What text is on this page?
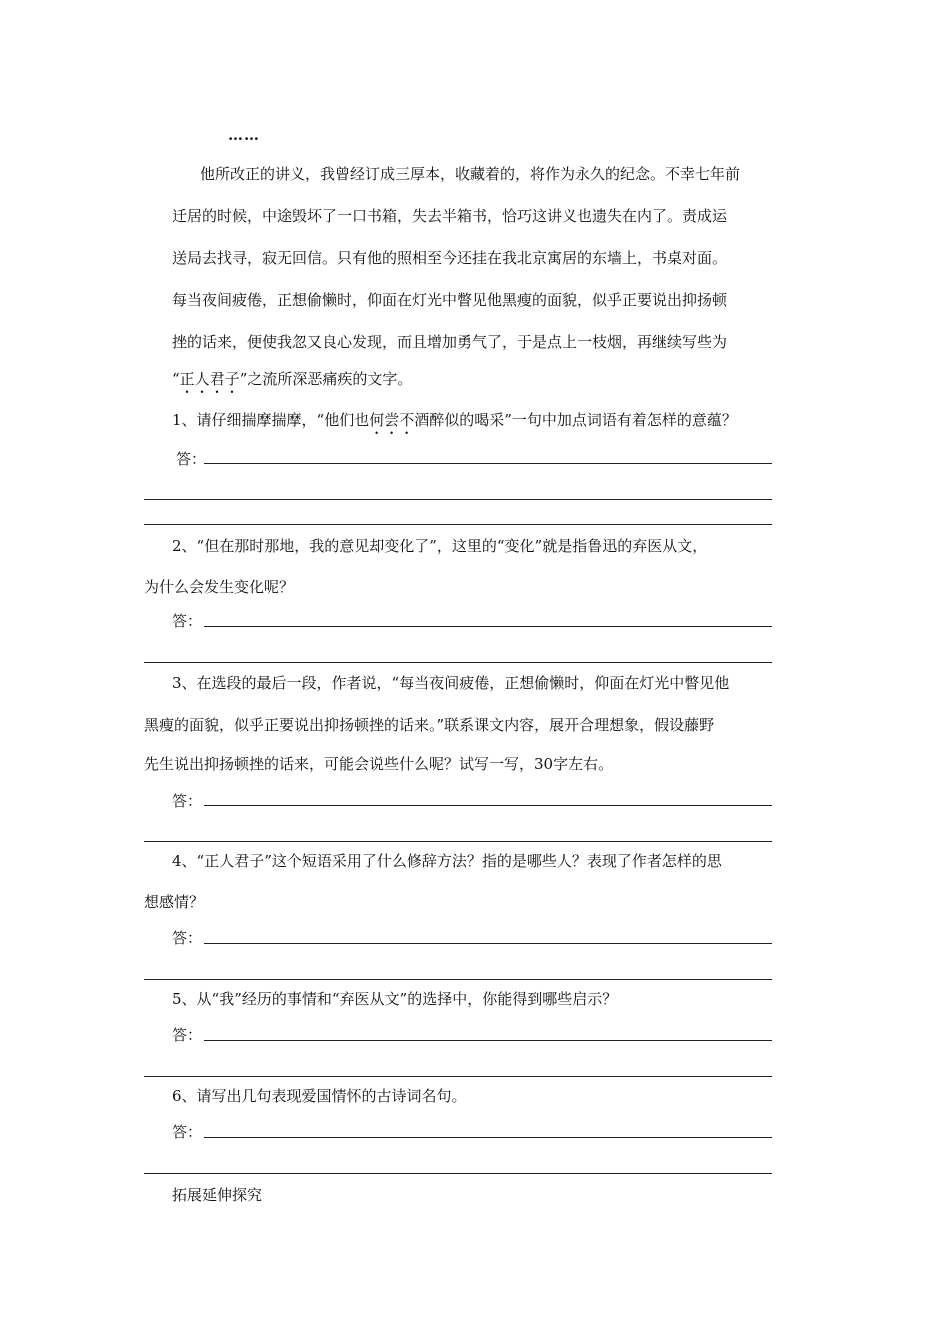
……
他所改正的讲义，我曾经订成三厚本，收藏着的，将作为永久的纪念。不幸七年前
迁居的时候，中途毁坏了一口书箱，失去半箱书，恰巧这讲义也遗失在内了。责成运
送局去找寻，寂无回信。只有他的照相至今还挂在我北京寓居的东墙上，书桌对面。
每当夜间疲倦，正想偷懒时，仰面在灯光中瞥见他黑瘦的面貌，似乎正要说出抑扬顿
挫的话来，便使我忽又良心发现，而且增加勇气了，于是点上一枝烟，再继续写些为
“正人君子”之流所深恶痛疾的文字。
1、请仔细揣摩揣摩，“他们也何尝不酒醉似的喝采”一句中加点词语有着怎样的意蕴？
答：
2、“但在那时那地，我的意见却变化了”，这里的“变化”就是指鲁迅的弃医从文，
为什么会发生变化呢？
答：
3、在选段的最后一段，作者说，“每当夜间疲倦，正想偷懒时，仰面在灯光中瞥见他
黑瘦的面貌，似乎正要说出抑扬顿挫的话来。”联系课文内容，展开合理想象，假设藤野
先生说出抑扬顿挫的话来，可能会说些什么呢？试写一写，30字左右。
答：
4、“正人君子”这个短语采用了什么修辞方法？指的是哪些人？表现了作者怎样的思
想感情？
答：
5、从“我”经历的事情和“弃医从文”的选择中，你能得到哪些启示？
答：
6、请写出几句表现爱国情怀的古诗词名句。
答：
拓展延伸探究
